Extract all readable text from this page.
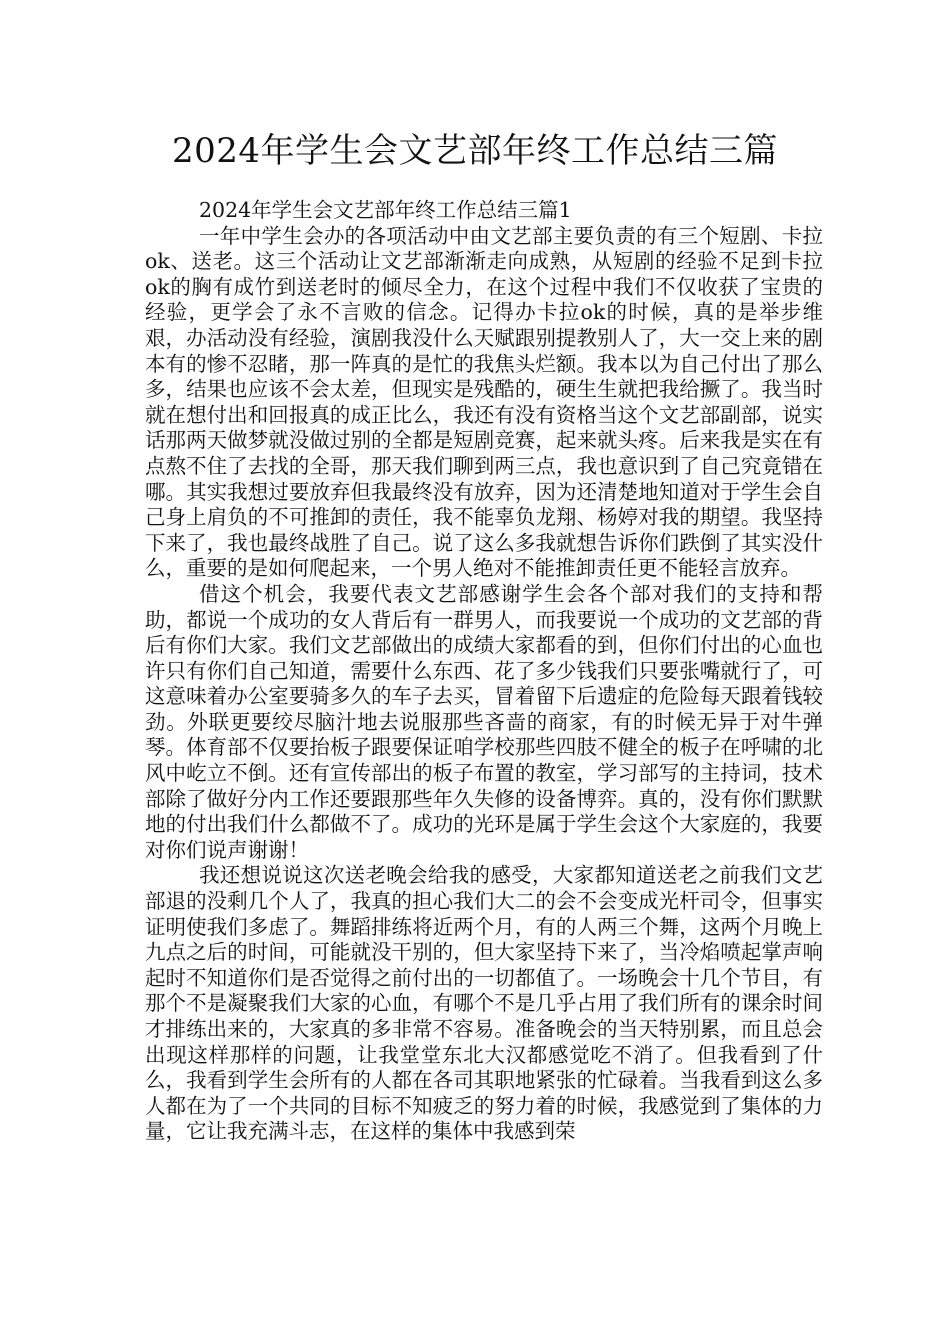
2024年学生会文艺部年终工作总结三篇

2024年学生会文艺部年终工作总结三篇1

一年中学生会办的各项活动中由文艺部主要负责的有三个短剧、卡拉ok、送老。这三个活动让文艺部渐渐走向成熟，从短剧的经验不足到卡拉ok的胸有成竹到送老时的倾尽全力，在这个过程中我们不仅收获了宝贵的经验，更学会了永不言败的信念。记得办卡拉ok的时候，真的是举步维艰，办活动没有经验，演剧我没什么天赋跟别提教别人了，大一交上来的剧本有的惨不忍睹，那一阵真的是忙的我焦头烂额。我本以为自己付出了那么多，结果也应该不会太差，但现实是残酷的，硬生生就把我给撅了。我当时就在想付出和回报真的成正比么，我还有没有资格当这个文艺部副部，说实话那两天做梦就没做过别的全都是短剧竞赛，起来就头疼。后来我是实在有点熬不住了去找的全哥，那天我们聊到两三点，我也意识到了自己究竟错在哪。其实我想过要放弃但我最终没有放弃，因为还清楚地知道对于学生会自己身上肩负的不可推卸的责任，我不能辜负龙翔、杨婷对我的期望。我坚持下来了，我也最终战胜了自己。说了这么多我就想告诉你们跌倒了其实没什么，重要的是如何爬起来，一个男人绝对不能推卸责任更不能轻言放弃。

借这个机会，我要代表文艺部感谢学生会各个部对我们的支持和帮助，都说一个成功的女人背后有一群男人，而我要说一个成功的文艺部的背后有你们大家。我们文艺部做出的成绩大家都看的到，但你们付出的心血也许只有你们自己知道，需要什么东西、花了多少钱我们只要张嘴就行了，可这意味着办公室要骑多久的车子去买，冒着留下后遗症的危险每天跟着钱较劲。外联更要绞尽脑汁地去说服那些吝啬的商家，有的时候无异于对牛弹琴。体育部不仅要抬板子跟要保证咱学校那些四肢不健全的板子在呼啸的北风中屹立不倒。还有宣传部出的板子布置的教室，学习部写的主持词，技术部除了做好分内工作还要跟那些年久失修的设备博弈。真的，没有你们默默地的付出我们什么都做不了。成功的光环是属于学生会这个大家庭的，我要对你们说声谢谢！

我还想说说这次送老晚会给我的感受，大家都知道送老之前我们文艺部退的没剩几个人了，我真的担心我们大二的会不会变成光杆司令，但事实证明使我们多虑了。舞蹈排练将近两个月，有的人两三个舞，这两个月晚上九点之后的时间，可能就没干别的，但大家坚持下来了，当冷焰喷起掌声响起时不知道你们是否觉得之前付出的一切都值了。一场晚会十几个节目，有那个不是凝聚我们大家的心血，有哪个不是几乎占用了我们所有的课余时间才排练出来的，大家真的多非常不容易。准备晚会的当天特别累，而且总会出现这样那样的问题，让我堂堂东北大汉都感觉吃不消了。但我看到了什么，我看到学生会所有的人都在各司其职地紧张的忙碌着。当我看到这么多人都在为了一个共同的目标不知疲乏的努力着的时候，我感觉到了集体的力量，它让我充满斗志，在这样的集体中我感到荣
